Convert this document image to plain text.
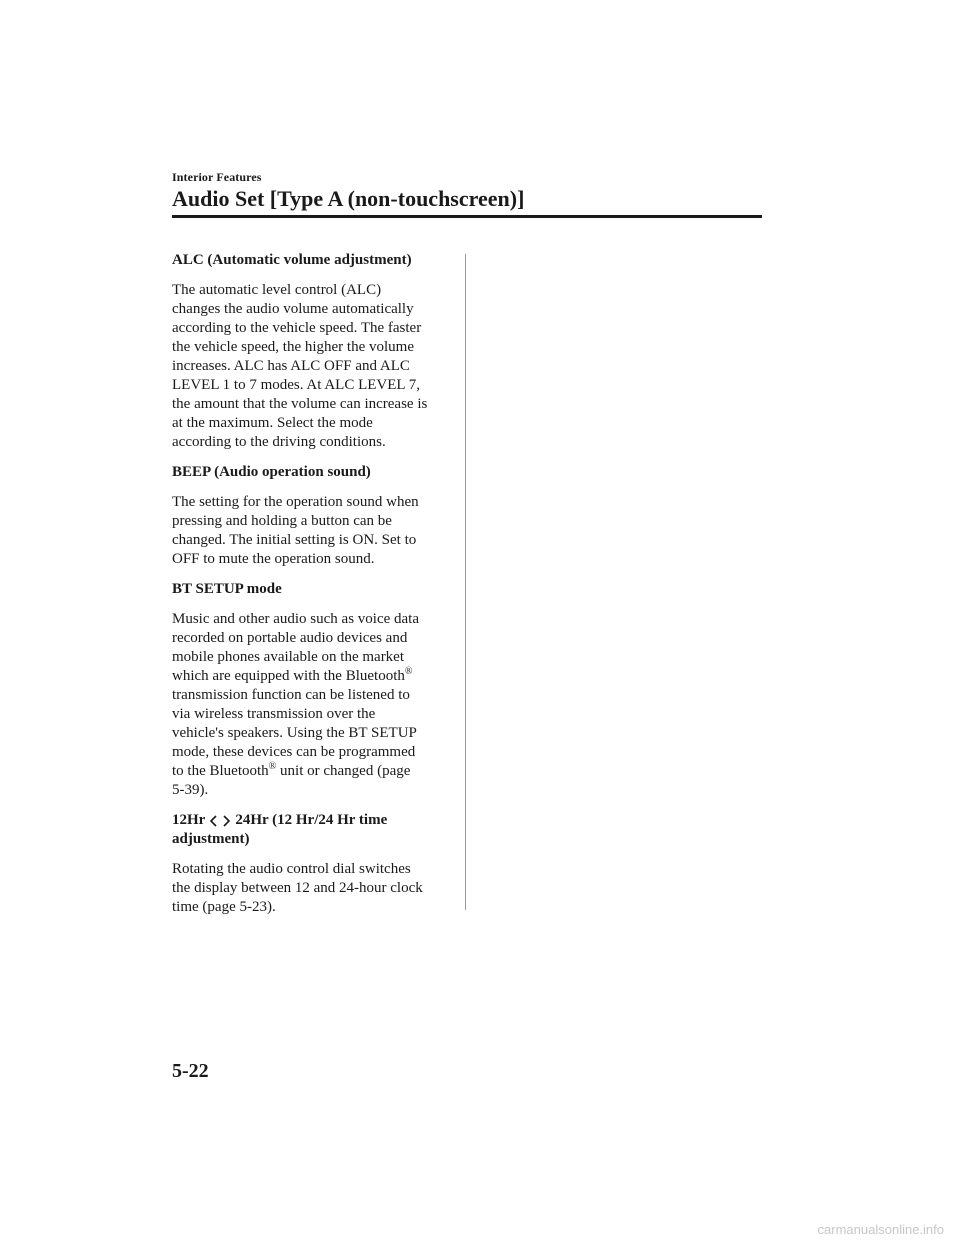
Interior Features
Audio Set [Type A (non-touchscreen)]
ALC (Automatic volume adjustment)
The automatic level control (ALC)
changes the audio volume automatically
according to the vehicle speed. The faster
the vehicle speed, the higher the volume
increases. ALC has ALC OFF and ALC
LEVEL 1 to 7 modes. At ALC LEVEL 7,
the amount that the volume can increase is
at the maximum. Select the mode
according to the driving conditions.
BEEP (Audio operation sound)
The setting for the operation sound when
pressing and holding a button can be
changed. The initial setting is ON. Set to
OFF to mute the operation sound.
BT SETUP mode
Music and other audio such as voice data
recorded on portable audio devices and
mobile phones available on the market
which are equipped with the Bluetooth®
transmission function can be listened to
via wireless transmission over the
vehicle's speakers. Using the BT SETUP
mode, these devices can be programmed
to the Bluetooth® unit or changed (page
5-39).
12Hr 24Hr (12 Hr/24 Hr time
adjustment)
Rotating the audio control dial switches
the display between 12 and 24-hour clock
time (page 5-23).
5-22
carmanualsonline.info
